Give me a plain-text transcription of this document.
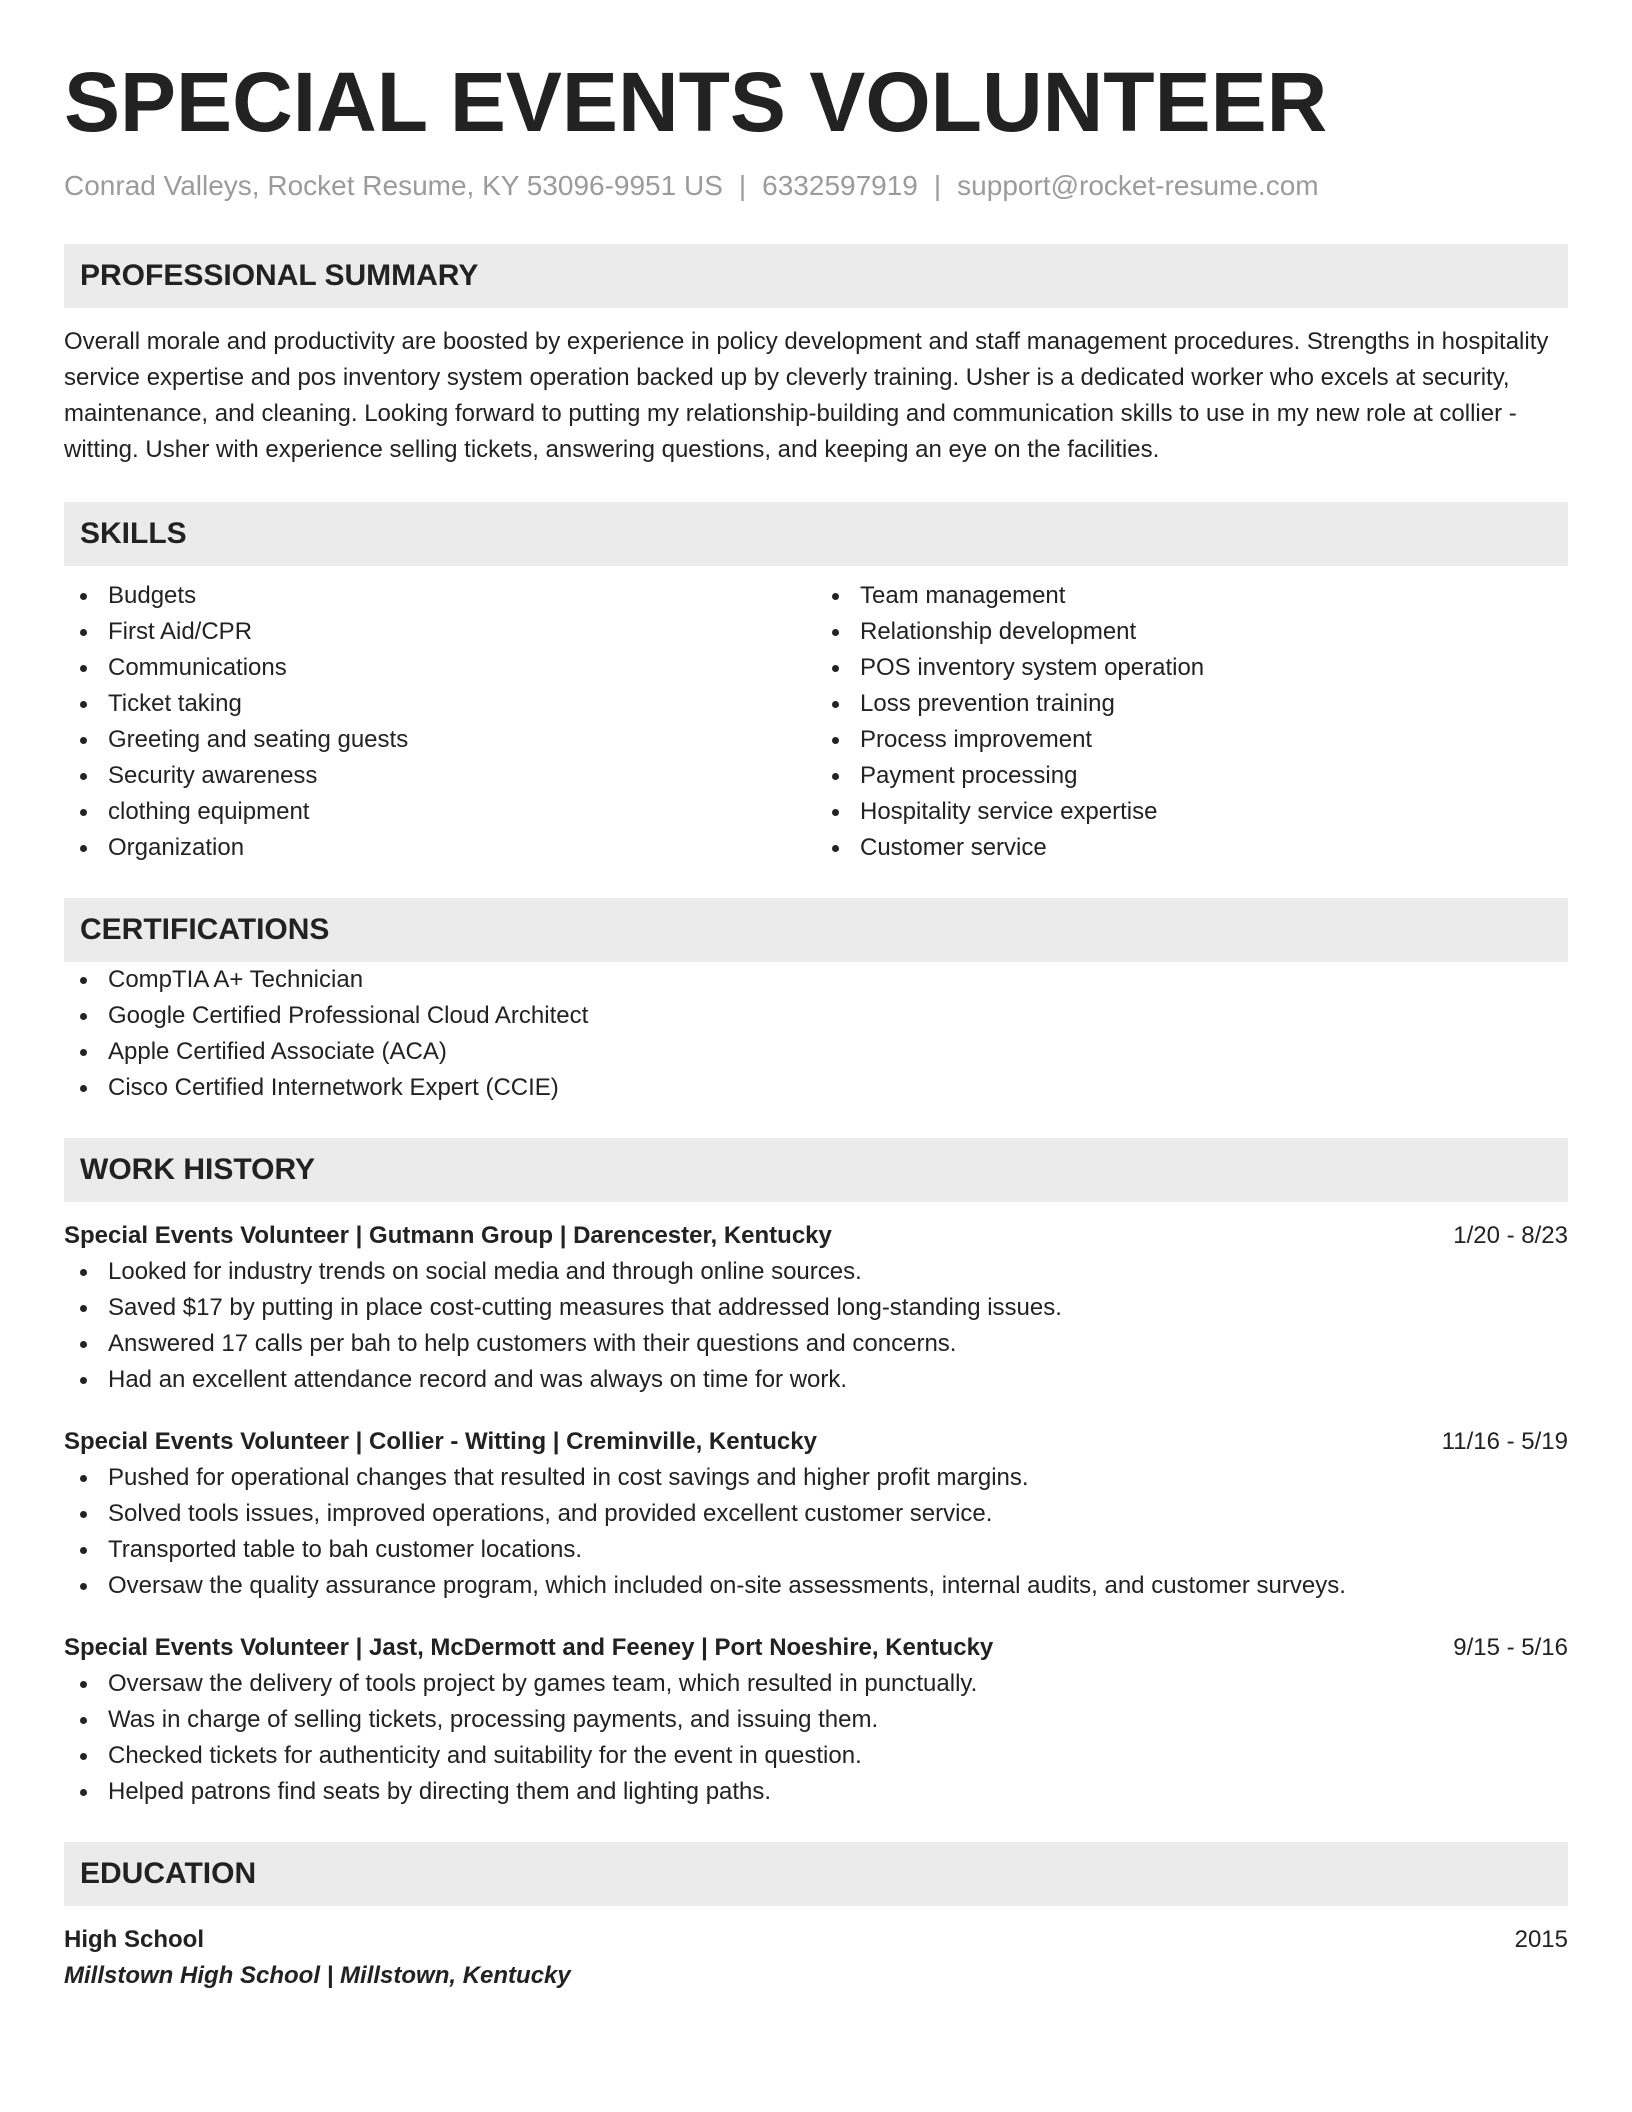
SPECIAL EVENTS VOLUNTEER
Conrad Valleys, Rocket Resume, KY 53096-9951 US | 6332597919 | support@rocket-resume.com
PROFESSIONAL SUMMARY

Overall morale and productivity are boosted by experience in policy development and staff management procedures. Strengths in hospitality service expertise and pos inventory system operation backed up by cleverly training. Usher is a dedicated worker who excels at security, maintenance, and cleaning. Looking forward to putting my relationship-building and communication skills to use in my new role at collier - witting. Usher with experience selling tickets, answering questions, and keeping an eye on the facilities.

SKILLS
Budgets
First Aid/CPR
Communications
Ticket taking
Greeting and seating guests
Security awareness
clothing equipment
Organization
Team management
Relationship development
POS inventory system operation
Loss prevention training
Process improvement
Payment processing
Hospitality service expertise
Customer service
CERTIFICATIONS
CompTIA A+ Technician
Google Certified Professional Cloud Architect
Apple Certified Associate (ACA)
Cisco Certified Internetwork Expert (CCIE)
WORK HISTORY
Special Events Volunteer | Gutmann Group | Darencester, Kentucky	1/20 - 8/23
Looked for industry trends on social media and through online sources.
Saved $17 by putting in place cost-cutting measures that addressed long-standing issues.
Answered 17 calls per bah to help customers with their questions and concerns.
Had an excellent attendance record and was always on time for work.
Special Events Volunteer | Collier - Witting | Creminville, Kentucky	11/16 - 5/19
Pushed for operational changes that resulted in cost savings and higher profit margins.
Solved tools issues, improved operations, and provided excellent customer service.
Transported table to bah customer locations.
Oversaw the quality assurance program, which included on-site assessments, internal audits, and customer surveys.
Special Events Volunteer | Jast, McDermott and Feeney | Port Noeshire, Kentucky	9/15 - 5/16
Oversaw the delivery of tools project by games team, which resulted in punctually.
Was in charge of selling tickets, processing payments, and issuing them.
Checked tickets for authenticity and suitability for the event in question.
Helped patrons find seats by directing them and lighting paths.
EDUCATION
High School	2015
Millstown High School | Millstown, Kentucky
